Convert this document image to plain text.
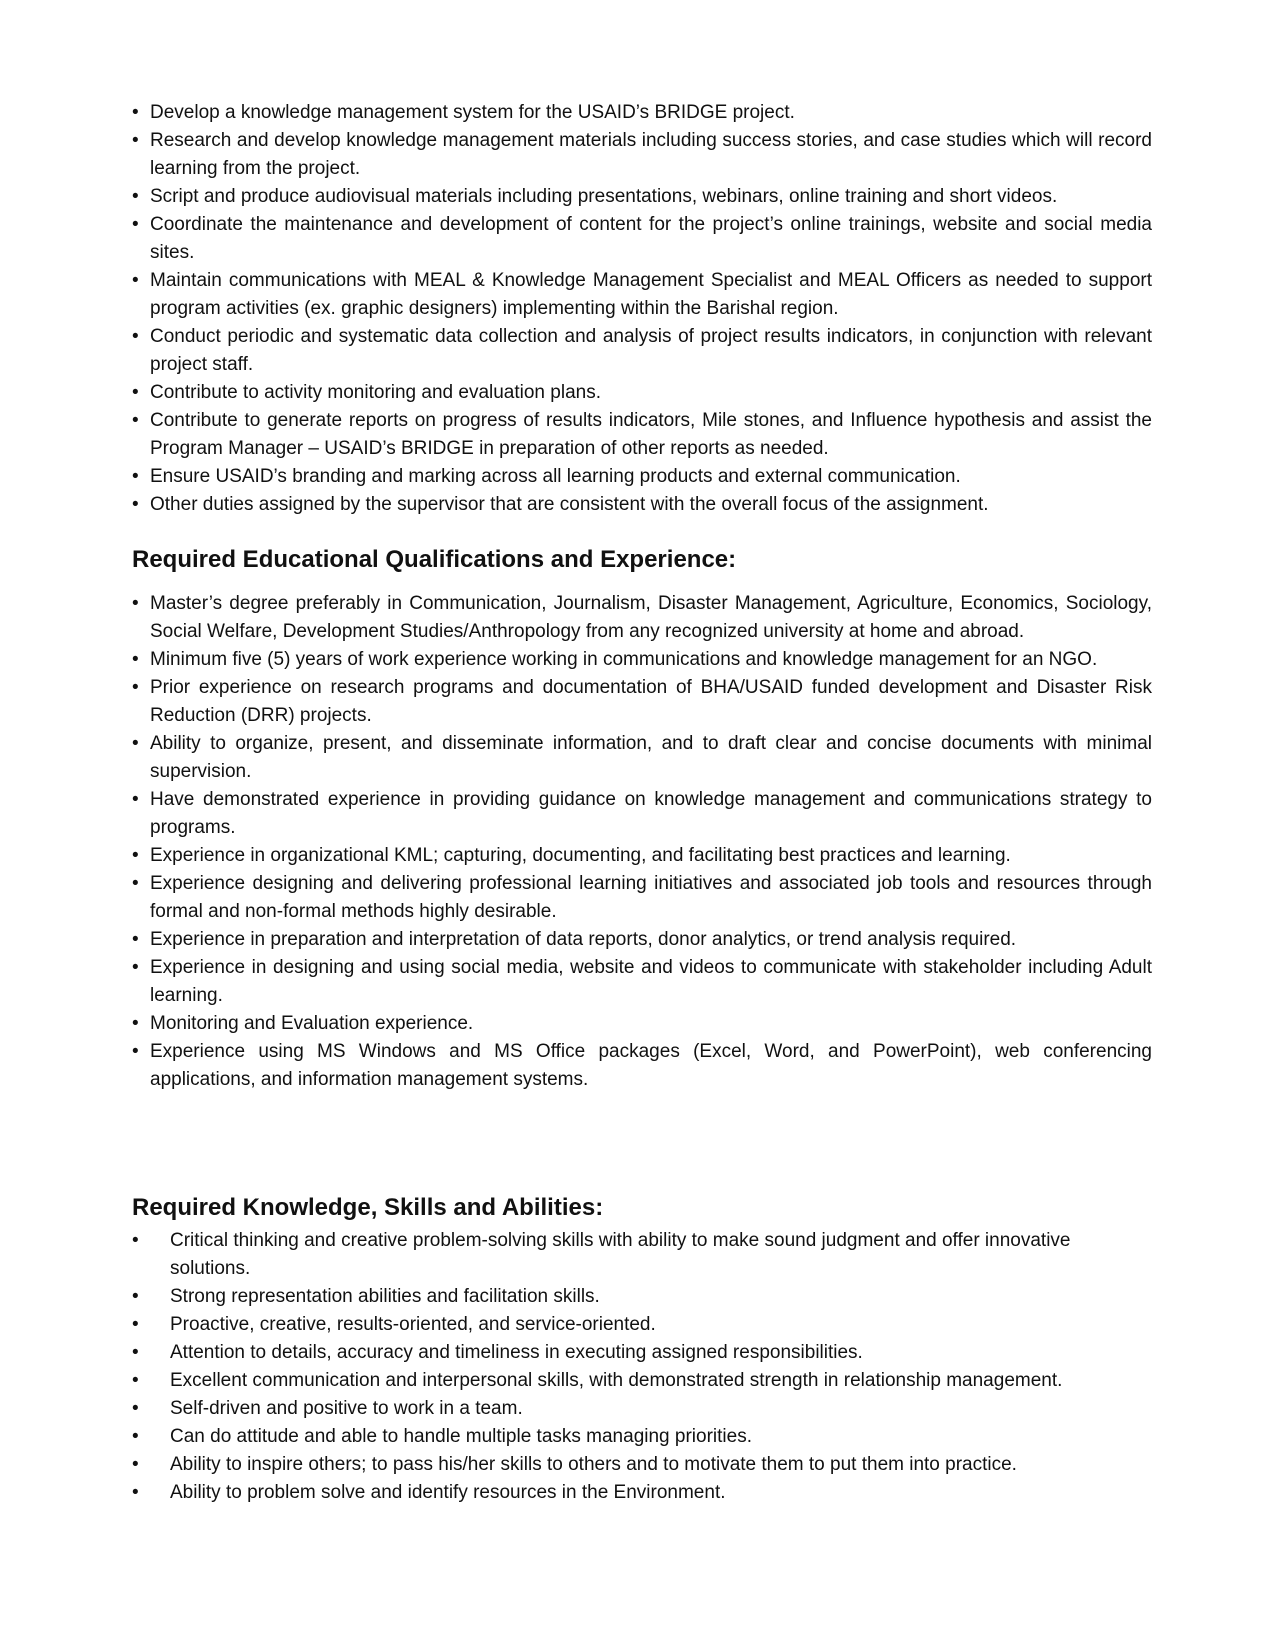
• Develop a knowledge management system for the USAID’s BRIDGE project.
• Research and develop knowledge management materials including success stories, and case studies which will record learning from the project.
• Script and produce audiovisual materials including presentations, webinars, online training and short videos.
• Coordinate the maintenance and development of content for the project’s online trainings, website and social media sites.
• Maintain communications with MEAL & Knowledge Management Specialist and MEAL Officers as needed to support program activities (ex. graphic designers) implementing within the Barishal region.
• Conduct periodic and systematic data collection and analysis of project results indicators, in conjunction with relevant project staff.
• Contribute to activity monitoring and evaluation plans.
• Contribute to generate reports on progress of results indicators, Mile stones, and Influence hypothesis and assist the Program Manager – USAID’s BRIDGE in preparation of other reports as needed.
• Ensure USAID’s branding and marking across all learning products and external communication.
• Other duties assigned by the supervisor that are consistent with the overall focus of the assignment.
Required Educational Qualifications and Experience:
• Master’s degree preferably in Communication, Journalism, Disaster Management, Agriculture, Economics, Sociology, Social Welfare, Development Studies/Anthropology from any recognized university at home and abroad.
• Minimum five (5) years of work experience working in communications and knowledge management for an NGO.
• Prior experience on research programs and documentation of BHA/USAID funded development and Disaster Risk Reduction (DRR) projects.
• Ability to organize, present, and disseminate information, and to draft clear and concise documents with minimal supervision.
• Have demonstrated experience in providing guidance on knowledge management and communications strategy to programs.
• Experience in organizational KML; capturing, documenting, and facilitating best practices and learning.
• Experience designing and delivering professional learning initiatives and associated job tools and resources through formal and non-formal methods highly desirable.
• Experience in preparation and interpretation of data reports, donor analytics, or trend analysis required.
• Experience in designing and using social media, website and videos to communicate with stakeholder including Adult learning.
• Monitoring and Evaluation experience.
• Experience using MS Windows and MS Office packages (Excel, Word, and PowerPoint), web conferencing applications, and information management systems.
Required Knowledge, Skills and Abilities:
• Critical thinking and creative problem-solving skills with ability to make sound judgment and offer innovative solutions.
• Strong representation abilities and facilitation skills.
• Proactive, creative, results-oriented, and service-oriented.
• Attention to details, accuracy and timeliness in executing assigned responsibilities.
• Excellent communication and interpersonal skills, with demonstrated strength in relationship management.
• Self-driven and positive to work in a team.
• Can do attitude and able to handle multiple tasks managing priorities.
• Ability to inspire others; to pass his/her skills to others and to motivate them to put them into practice.
• Ability to problem solve and identify resources in the Environment.
